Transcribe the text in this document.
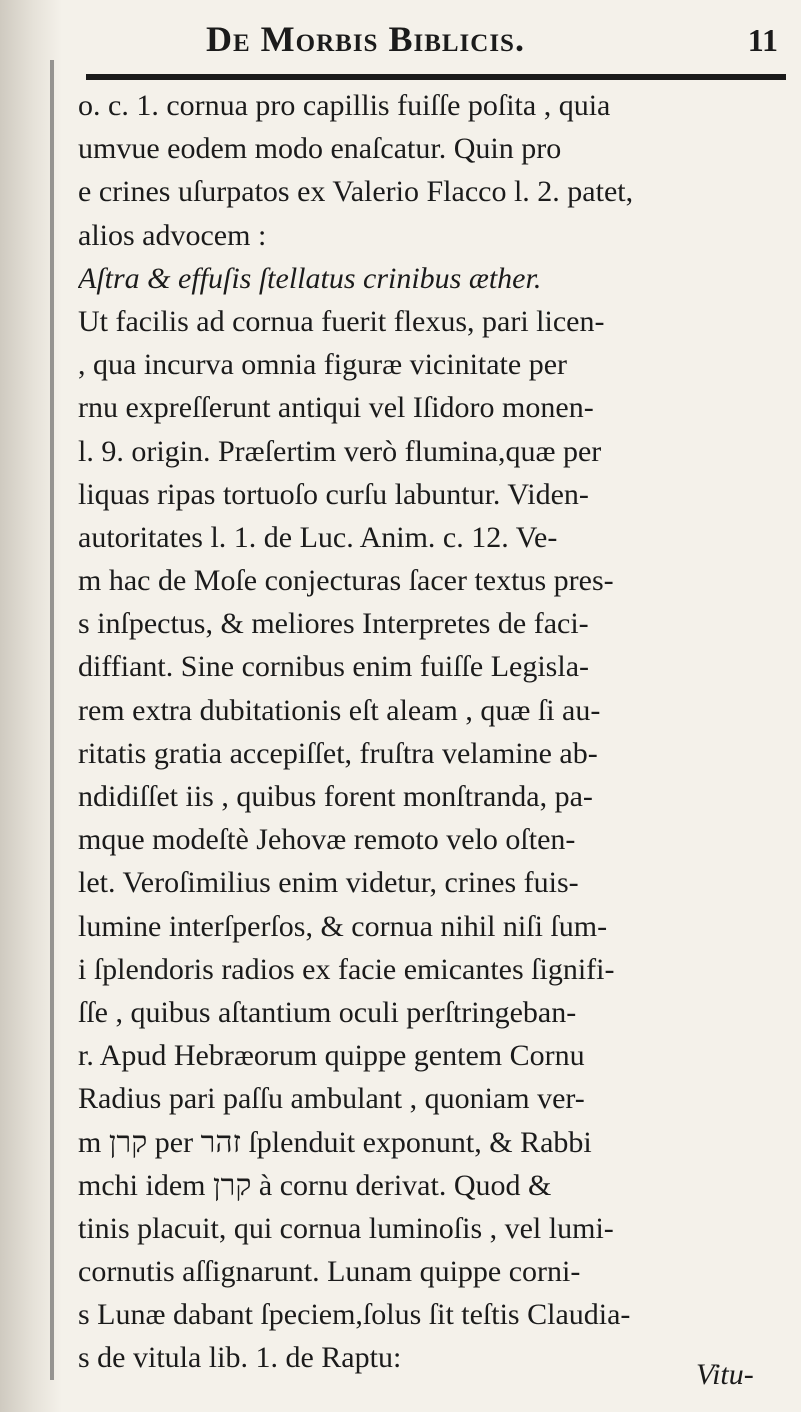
De Morbis Biblicis.	11
o. c. 1. cornua pro capillis fuiſſe poſita , quia
umvue eodem modo enaſcatur. Quin pro
e crines uſurpatos ex Valerio Flacco l. 2. patet,
alios advocem :
Aſtra & effuſis ſtellatus crinibus æther.
Ut facilis ad cornua fuerit flexus, pari licen-
, qua incurva omnia figuræ vicinitate per
rnu expreſſerunt antiqui vel Iſidoro monen-
l. 9. origin. Præſertim verò flumina,quæ per
liquas ripas tortuoſo curſu labuntur. Viden-
autoritates l. 1. de Luc. Anim. c. 12. Ve-
m hac de Moſe conjecturas ſacer textus pres-
s inſpectus, & meliores Interpretes de faci-
diffiant. Sine cornibus enim fuiſſe Legisla-
rem extra dubitationis eſt aleam , quæ ſi au-
ritatis gratia accepiſſet, fruſtra velamine ab-
ndidiſſet iis , quibus forent monſtranda, pa-
mque modeſtè Jehovæ remoto velo oſten-
let. Veroſimilius enim videtur, crines fuis-
lumine interſperſos, & cornua nihil niſi ſum-
i ſplendoris radios ex facie emicantes ſignifi-
ſſe , quibus aſtantium oculi perſtringeban-
r. Apud Hebræorum quippe gentem Cornu
Radius pari paſſu ambulant , quoniam ver-
m קרן per זהר ſplenduit exponunt, & Rabbi
mchi idem קרן à cornu derivat. Quod &
tinis placuit, qui cornua luminoſis , vel lumi-
cornutis aſſignarunt. Lunam quippe corni-
s Lunæ dabant ſpeciem,ſolus ſit teſtis Claudia-
s de vitula lib. 1. de Raptu:
Vitu-
